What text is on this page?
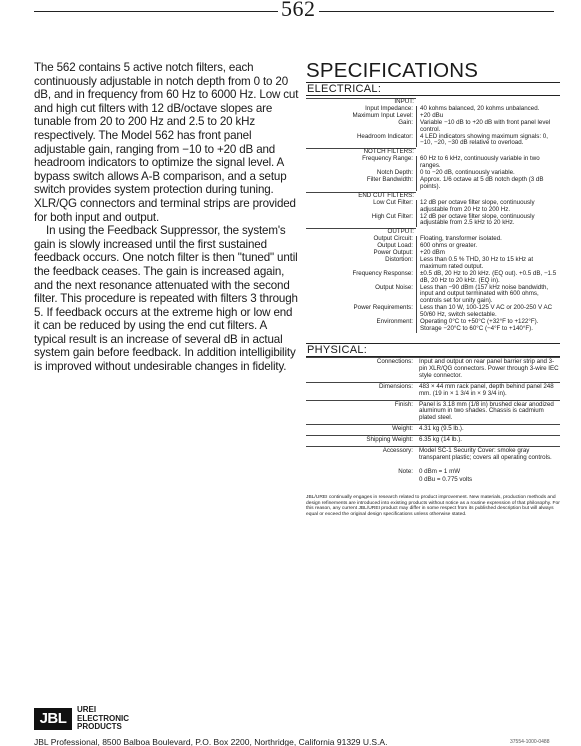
562

The 562 contains 5 active notch filters, each continuously adjustable in notch depth from 0 to 20 dB, and in frequency from 60 Hz to 6000 Hz. Low cut and high cut filters with 12 dB/octave slopes are tunable from 20 to 200 Hz and 2.5 to 20 kHz respectively. The Model 562 has front panel adjustable gain, ranging from −10 to +20 dB and headroom indicators to optimize the signal level. A bypass switch allows A-B comparison, and a setup switch provides system protection during tuning. XLR/QG connectors and terminal strips are provided for both input and output.

In using the Feedback Suppressor, the system's gain is slowly increased until the first sustained feedback occurs. One notch filter is then "tuned" until the feedback ceases. The gain is increased again, and the next resonance attenuated with the second filter. This procedure is repeated with filters 3 through 5. If feedback occurs at the extreme high or low end it can be reduced by using the end cut filters. A typical result is an increase of several dB in actual system gain before feedback. In addition intelligibility is improved without undesirable changes in fidelity.

SPECIFICATIONS
ELECTRICAL:
INPUT:
Input Impedance:	40 kohms balanced, 20 kohms unbalanced.
Maximum Input Level:	+20 dBu
Gain:	Variable −10 dB to +20 dB with front panel level control.
Headroom Indicator:	4 LED indicators showing maximum signals: 0, −10, −20, −30 dB relative to overload.
NOTCH FILTERS:
Frequency Range:	60 Hz to 6 kHz, continuously variable in two ranges.
Notch Depth:	0 to −20 dB, continuously variable.
Filter Bandwidth:	Approx. 1/6 octave at 5 dB notch depth (3 dB points).
END CUT FILTERS:
Low Cut Filter:	12 dB per octave filter slope, continuously adjustable from 20 Hz to 200 Hz.
High Cut Filter:	12 dB per octave filter slope, continuously adjustable from 2.5 kHz to 20 kHz.
OUTPUT:
Output Circuit:	Floating, transformer isolated.
Output Load:	600 ohms or greater.
Power Output:	+20 dBm
Distortion:	Less than 0.5 % THD, 30 Hz to 15 kHz at maximum rated output.
Frequency Response:	±0.5 dB, 20 Hz to 20 kHz. (EQ out). +0.5 dB, −1.5 dB, 20 Hz to 20 kHz. (EQ in).
Output Noise:	Less than −90 dBm (157 kHz noise bandwidth, input and output terminated with 600 ohms, controls set for unity gain).
Power Requirements:	Less than 10 W, 100-125 V AC or 200-250 V AC 50/60 Hz, switch selectable.
Environment:	Operating 0°C to +50°C (+32°F to +122°F). Storage −20°C to 60°C (−4°F to +140°F).
PHYSICAL:
Connections: Input and output on rear panel barrier strip and 3-pin XLR/QG connectors. Power through 3-wire IEC style connector.
Dimensions: 483 × 44 mm rack panel, depth behind panel 248 mm. (19 in × 1 3/4 in × 9 3/4 in).
Finish: Panel is 3.18 mm (1/8 in) brushed clear anodized aluminum in two shades. Chassis is cadmium plated steel.
Weight: 4.31 kg (9.5 lb.).
Shipping Weight: 6.35 kg (14 lb.).
Accessory: Model SC-1 Security Cover: smoke gray transparent plastic; covers all operating controls.
Note: 0 dBm = 1 mW
0 dBu = 0.775 volts
JBL/UREI continually engages in research related to product improvement. New materials, production methods and design refinements are introduced into existing products without notice as a routine expression of that philosophy. For this reason, any current JBL/UREI product may differ in some respect from its published description but will always equal or exceed the original design specifications unless otherwise stated.
JBL
UREI
ELECTRONIC
PRODUCTS
JBL Professional, 8500 Balboa Boulevard, P.O. Box 2200, Northridge, California 91329 U.S.A.	37554-1000-0488
